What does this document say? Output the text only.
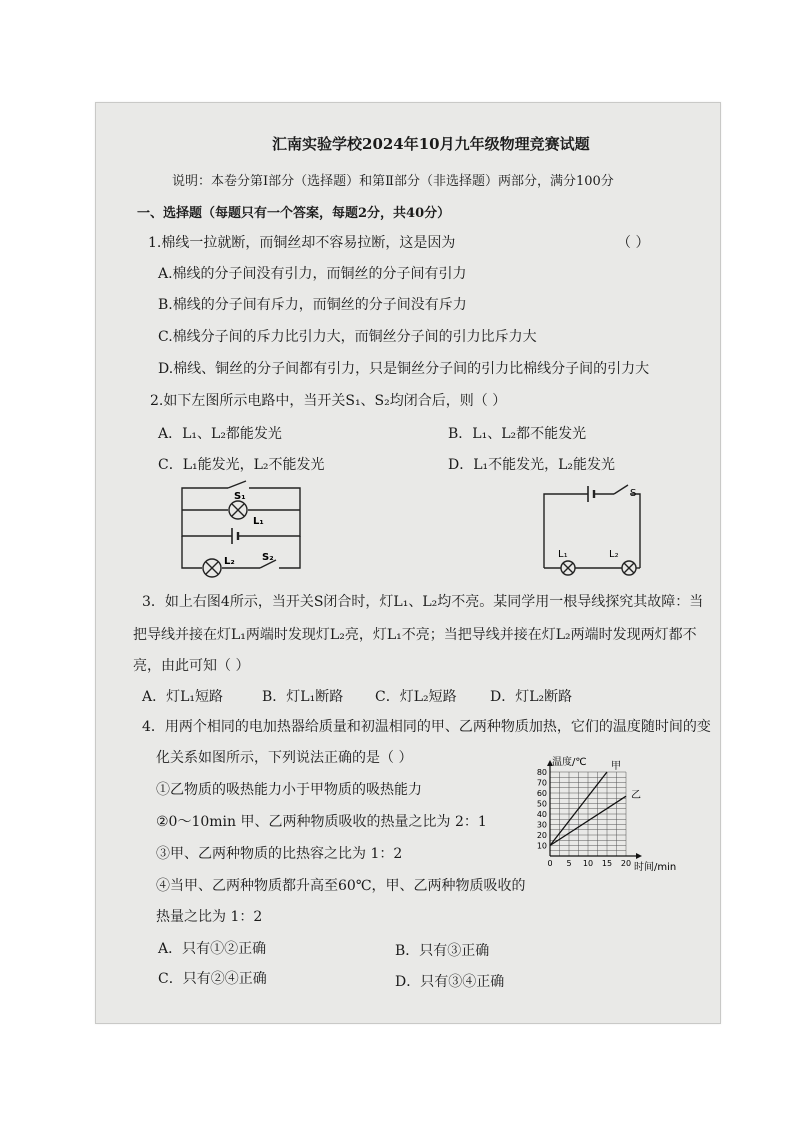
汇南实验学校2024年10月九年级物理竞赛试题
说明：本卷分第Ⅰ部分（选择题）和第Ⅱ部分（非选择题）两部分，满分100分
一、选择题（每题只有一个答案，每题2分，共40分）
1.棉线一拉就断，而铜丝却不容易拉断，这是因为	（ ）
A.棉线的分子间没有引力，而铜丝的分子间有引力
B.棉线的分子间有斥力，而铜丝的分子间没有斥力
C.棉线分子间的斥力比引力大，而铜丝分子间的引力比斥力大
D.棉线、铜丝的分子间都有引力，只是铜丝分子间的引力比棉线分子间的引力大
2.如下左图所示电路中，当开关S₁、S₂均闭合后，则（ ）
A．L₁、L₂都能发光	B．L₁、L₂都不能发光
C．L₁能发光，L₂不能发光	D．L₁不能发光，L₂能发光
S₁
L₁
L₂	S₂
S
L₁	L₂
3．如上右图4所示，当开关S闭合时，灯L₁、L₂均不亮。某同学用一根导线探究其故障：当
把导线并接在灯L₁两端时发现灯L₂亮，灯L₁不亮；当把导线并接在灯L₂两端时发现两灯都不
亮，由此可知（ ）
A．灯L₁短路	B．灯L₁断路 C．灯L₂短路 D．灯L₂断路
4．用两个相同的电加热器给质量和初温相同的甲、乙两种物质加热，它们的温度随时间的变
化关系如图所示，下列说法正确的是（ ）
①乙物质的吸热能力小于甲物质的吸热能力
②0～10min 甲、乙两种物质吸收的热量之比为 2：1
③甲、乙两种物质的比热容之比为 1：2
④当甲、乙两种物质都升高至60℃，甲、乙两种物质吸收的
热量之比为 1：2
A．只有①②正确	B．只有③正确
C．只有②④正确	D．只有③④正确
温度/℃
时间/min
10
20
30
40
50
60
70
80
0 5 10 15 20
甲
乙
